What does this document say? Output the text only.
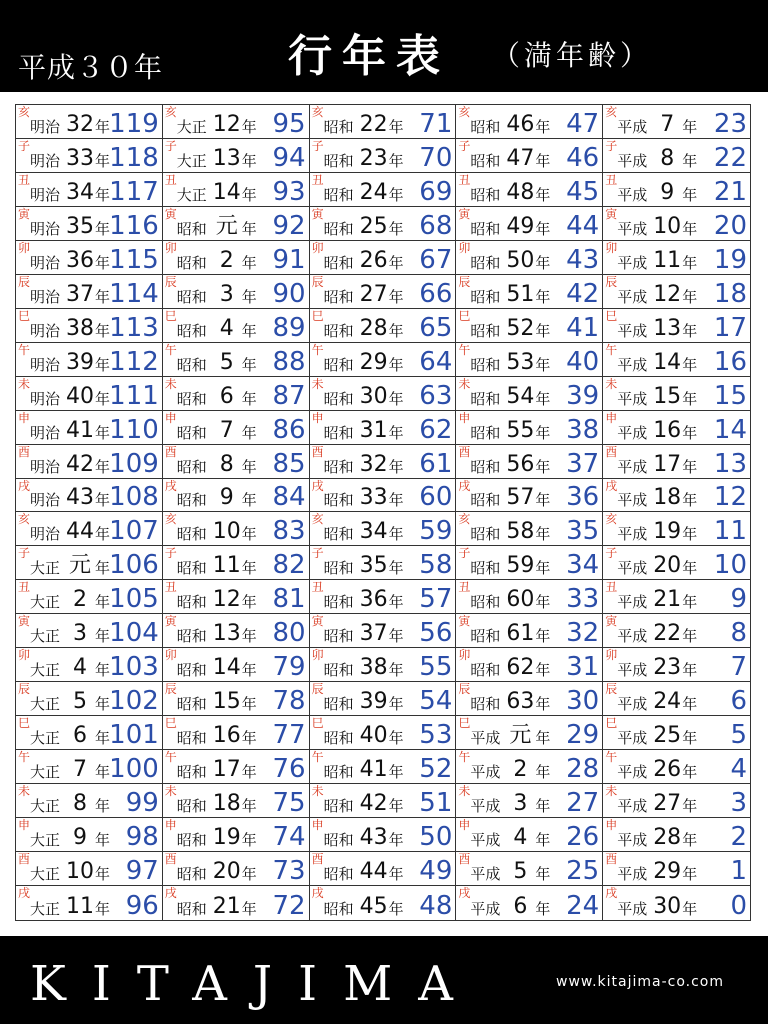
平成３０年	行年表 （満年齢）
亥
明治 32 年 119
子
明治 33 年 118
丑
明治 34 年 117
寅
明治 35 年 116
卯
明治 36 年 115
辰
明治 37 年 114
巳
明治 38 年 113
午
明治 39 年 112
未
明治 40 年 111
申
明治 41 年 110
酉
明治 42 年 109
戌
明治 43 年 108
亥
明治 44 年 107
子
大正 元 年 106
丑
大正 2 年 105
寅
大正 3 年 104
卯
大正 4 年 103
辰
大正 5 年 102
巳
大正 6 年 101
午
大正 7 年 100
未
大正 8 年 99
申
大正 9 年 98
酉
大正 10 年 97
戌
大正 11 年 96
亥
大正 12 年 95
子
大正 13 年 94
丑
大正 14 年 93
寅
昭和 元 年 92
卯
昭和 2 年 91
辰
昭和 3 年 90
巳
昭和 4 年 89
午
昭和 5 年 88
未
昭和 6 年 87
申
昭和 7 年 86
酉
昭和 8 年 85
戌
昭和 9 年 84
亥
昭和 10 年 83
子
昭和 11 年 82
丑
昭和 12 年 81
寅
昭和 13 年 80
卯
昭和 14 年 79
辰
昭和 15 年 78
巳
昭和 16 年 77
午
昭和 17 年 76
未
昭和 18 年 75
申
昭和 19 年 74
酉
昭和 20 年 73
戌
昭和 21 年 72
亥
昭和 22 年 71
子
昭和 23 年 70
丑
昭和 24 年 69
寅
昭和 25 年 68
卯
昭和 26 年 67
辰
昭和 27 年 66
巳
昭和 28 年 65
午
昭和 29 年 64
未
昭和 30 年 63
申
昭和 31 年 62
酉
昭和 32 年 61
戌
昭和 33 年 60
亥
昭和 34 年 59
子
昭和 35 年 58
丑
昭和 36 年 57
寅
昭和 37 年 56
卯
昭和 38 年 55
辰
昭和 39 年 54
巳
昭和 40 年 53
午
昭和 41 年 52
未
昭和 42 年 51
申
昭和 43 年 50
酉
昭和 44 年 49
戌
昭和 45 年 48
亥
昭和 46 年 47
子
昭和 47 年 46
丑
昭和 48 年 45
寅
昭和 49 年 44
卯
昭和 50 年 43
辰
昭和 51 年 42
巳
昭和 52 年 41
午
昭和 53 年 40
未
昭和 54 年 39
申
昭和 55 年 38
酉
昭和 56 年 37
戌
昭和 57 年 36
亥
昭和 58 年 35
子
昭和 59 年 34
丑
昭和 60 年 33
寅
昭和 61 年 32
卯
昭和 62 年 31
辰
昭和 63 年 30
巳
平成 元 年 29
午
平成 2 年 28
未
平成 3 年 27
申
平成 4 年 26
酉
平成 5 年 25
戌
平成 6 年 24
亥
平成 7 年 23
子
平成 8 年 22
丑
平成 9 年 21
寅
平成 10 年 20
卯
平成 11 年 19
辰
平成 12 年 18
巳
平成 13 年 17
午
平成 14 年 16
未
平成 15 年 15
申
平成 16 年 14
酉
平成 17 年 13
戌
平成 18 年 12
亥
平成 19 年 11
子
平成 20 年 10
丑
平成 21 年 9
寅
平成 22 年 8
卯
平成 23 年 7
辰
平成 24 年 6
巳
平成 25 年 5
午
平成 26 年 4
未
平成 27 年 3
申
平成 28 年 2
酉
平成 29 年 1
戌
平成 30 年 0
KITAJIMA	www.kitajima-co.com
